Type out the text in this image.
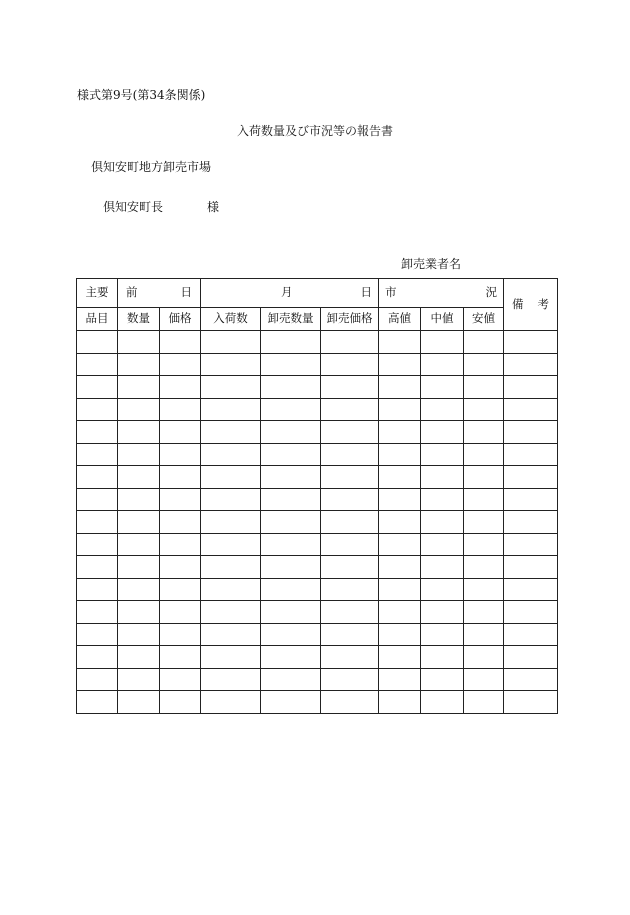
様式第9号(第34条関係)
入荷数量及び市況等の報告書
倶知安町地方卸売市場
倶知安町長	様
卸売業者名
主要	前 日		月 日			市 況			備 考

品目	数量	価格	入荷数	卸売数量	卸売価格	高値	中値	安値	
